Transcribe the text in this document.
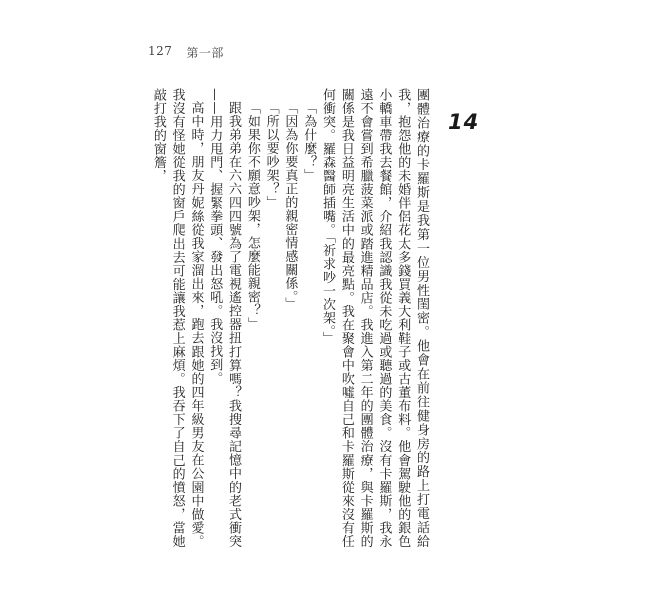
127 第一部
14

團體治療的卡羅斯是我第一位男性閨密。他會在前往健身房的路上打電話給我，抱怨他的未婚伴侶花太多錢買義大利鞋子或古董布料。他會駕駛他的銀色小轎車帶我去餐館，介紹我認識我從未吃過或聽過的美食。沒有卡羅斯，我永遠不會嘗到希臘菠菜派或踏進精品店。我進入第二年的團體治療，與卡羅斯的關係是我日益明亮生活中的最亮點。我在聚會中吹噓自己和卡羅斯從來沒有任何衝突。羅森醫師插嘴。「祈求吵一次架。」

「為什麼？」

「因為你要真正的親密情感關係。」

「所以要吵架？」

「如果你不願意吵架，怎麼能親密？」

跟我弟弟在六六四四號為了電視遙控器扭打算嗎？我搜尋記憶中的老式衝突——用力甩門、握緊拳頭、發出怒吼。我沒找到。

高中時，朋友丹妮絲從我家溜出來，跑去跟她的四年級男友在公園中做愛。我沒有怪她從我的窗戶爬出去可能讓我惹上麻煩。我吞下了自己的憤怒，當她敲打我的窗簷，
